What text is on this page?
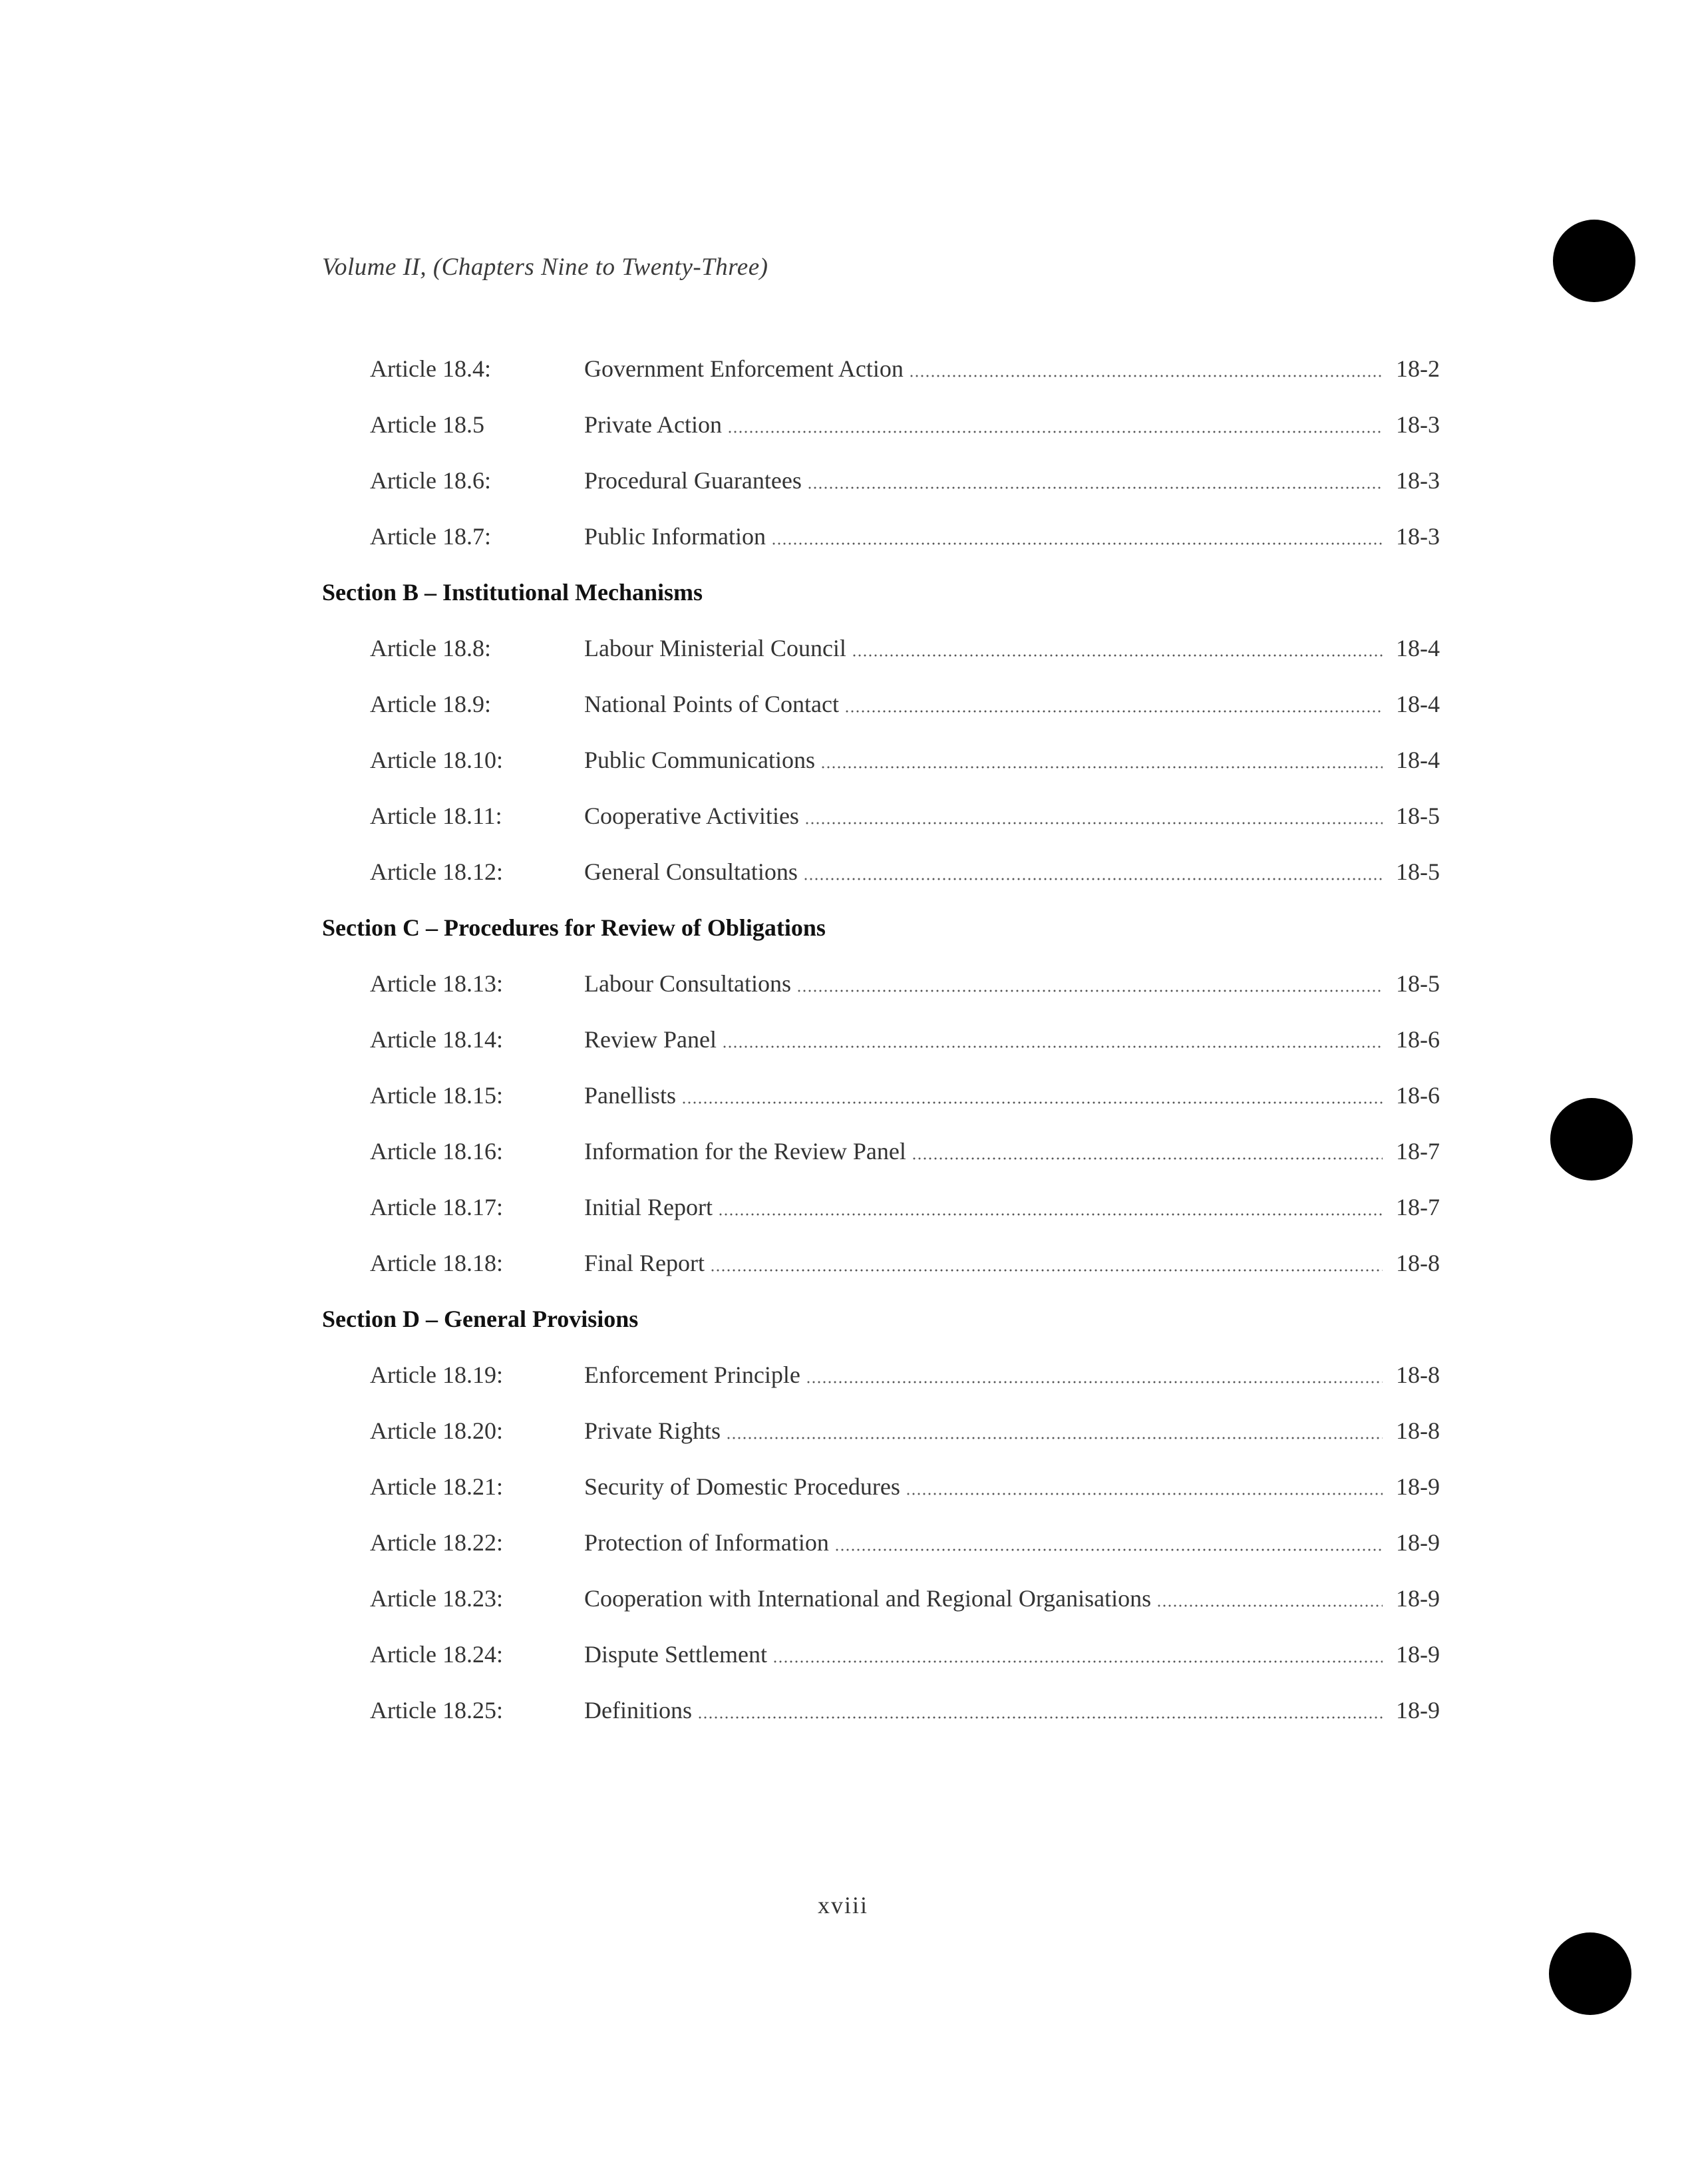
Volume II, (Chapters Nine to Twenty-Three)
Article 18.4:	Government Enforcement Action	18-2
Article 18.5	Private Action	18-3
Article 18.6:	Procedural Guarantees	18-3
Article 18.7:	Public Information	18-3
Section B – Institutional Mechanisms
Article 18.8:	Labour Ministerial Council	18-4
Article 18.9:	National Points of Contact	18-4
Article 18.10:	Public Communications	18-4
Article 18.11:	Cooperative Activities	18-5
Article 18.12:	General Consultations	18-5
Section C – Procedures for Review of Obligations
Article 18.13:	Labour Consultations	18-5
Article 18.14:	Review Panel	18-6
Article 18.15:	Panellists	18-6
Article 18.16:	Information for the Review Panel	18-7
Article 18.17:	Initial Report	18-7
Article 18.18:	Final Report	18-8
Section D – General Provisions
Article 18.19:	Enforcement Principle	18-8
Article 18.20:	Private Rights	18-8
Article 18.21:	Security of Domestic Procedures	18-9
Article 18.22:	Protection of Information	18-9
Article 18.23:	Cooperation with International and Regional Organisations	18-9
Article 18.24:	Dispute Settlement	18-9
Article 18.25:	Definitions	18-9
xviii
